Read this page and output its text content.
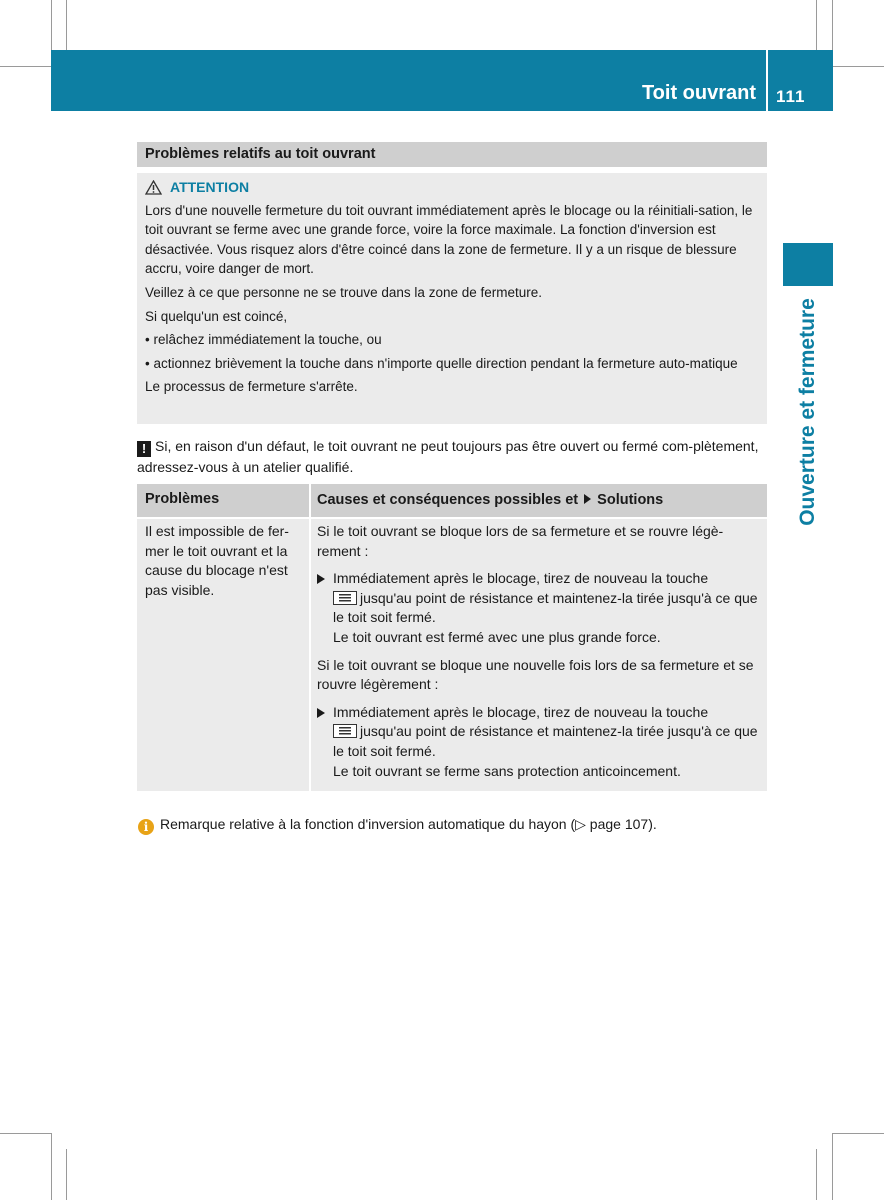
Toit ouvrant 111
Ouverture et fermeture
Problèmes relatifs au toit ouvrant
ATTENTION

Lors d'une nouvelle fermeture du toit ouvrant immédiatement après le blocage ou la réinitiali-sation, le toit ouvrant se ferme avec une grande force, voire la force maximale. La fonction d'inversion est désactivée. Vous risquez alors d'être coincé dans la zone de fermeture. Il y a un risque de blessure accru, voire danger de mort.

Veillez à ce que personne ne se trouve dans la zone de fermeture.

Si quelqu'un est coincé,

• relâchez immédiatement la touche, ou

• actionnez brièvement la touche dans n'importe quelle direction pendant la fermeture auto-matique

Le processus de fermeture s'arrête.

! Si, en raison d'un défaut, le toit ouvrant ne peut toujours pas être ouvert ou fermé com-plètement, adressez-vous à un atelier qualifié.
Problèmes	Causes et conséquences possibles et Solutions
Il est impossible de fer-mer le toit ouvrant et la cause du blocage n'est pas visible.

Si le toit ouvrant se bloque lors de sa fermeture et se rouvre légè-rement :

Immédiatement après le blocage, tirez de nouveau la touche
jusqu'au point de résistance et maintenez-la tirée jusqu'à ce que le toit soit fermé.
Le toit ouvrant est fermé avec une plus grande force.

Si le toit ouvrant se bloque une nouvelle fois lors de sa fermeture et se rouvre légèrement :

Immédiatement après le blocage, tirez de nouveau la touche
jusqu'au point de résistance et maintenez-la tirée jusqu'à ce que le toit soit fermé.
Le toit ouvrant se ferme sans protection anticoincement.

i Remarque relative à la fonction d'inversion automatique du hayon (▷ page 107).
